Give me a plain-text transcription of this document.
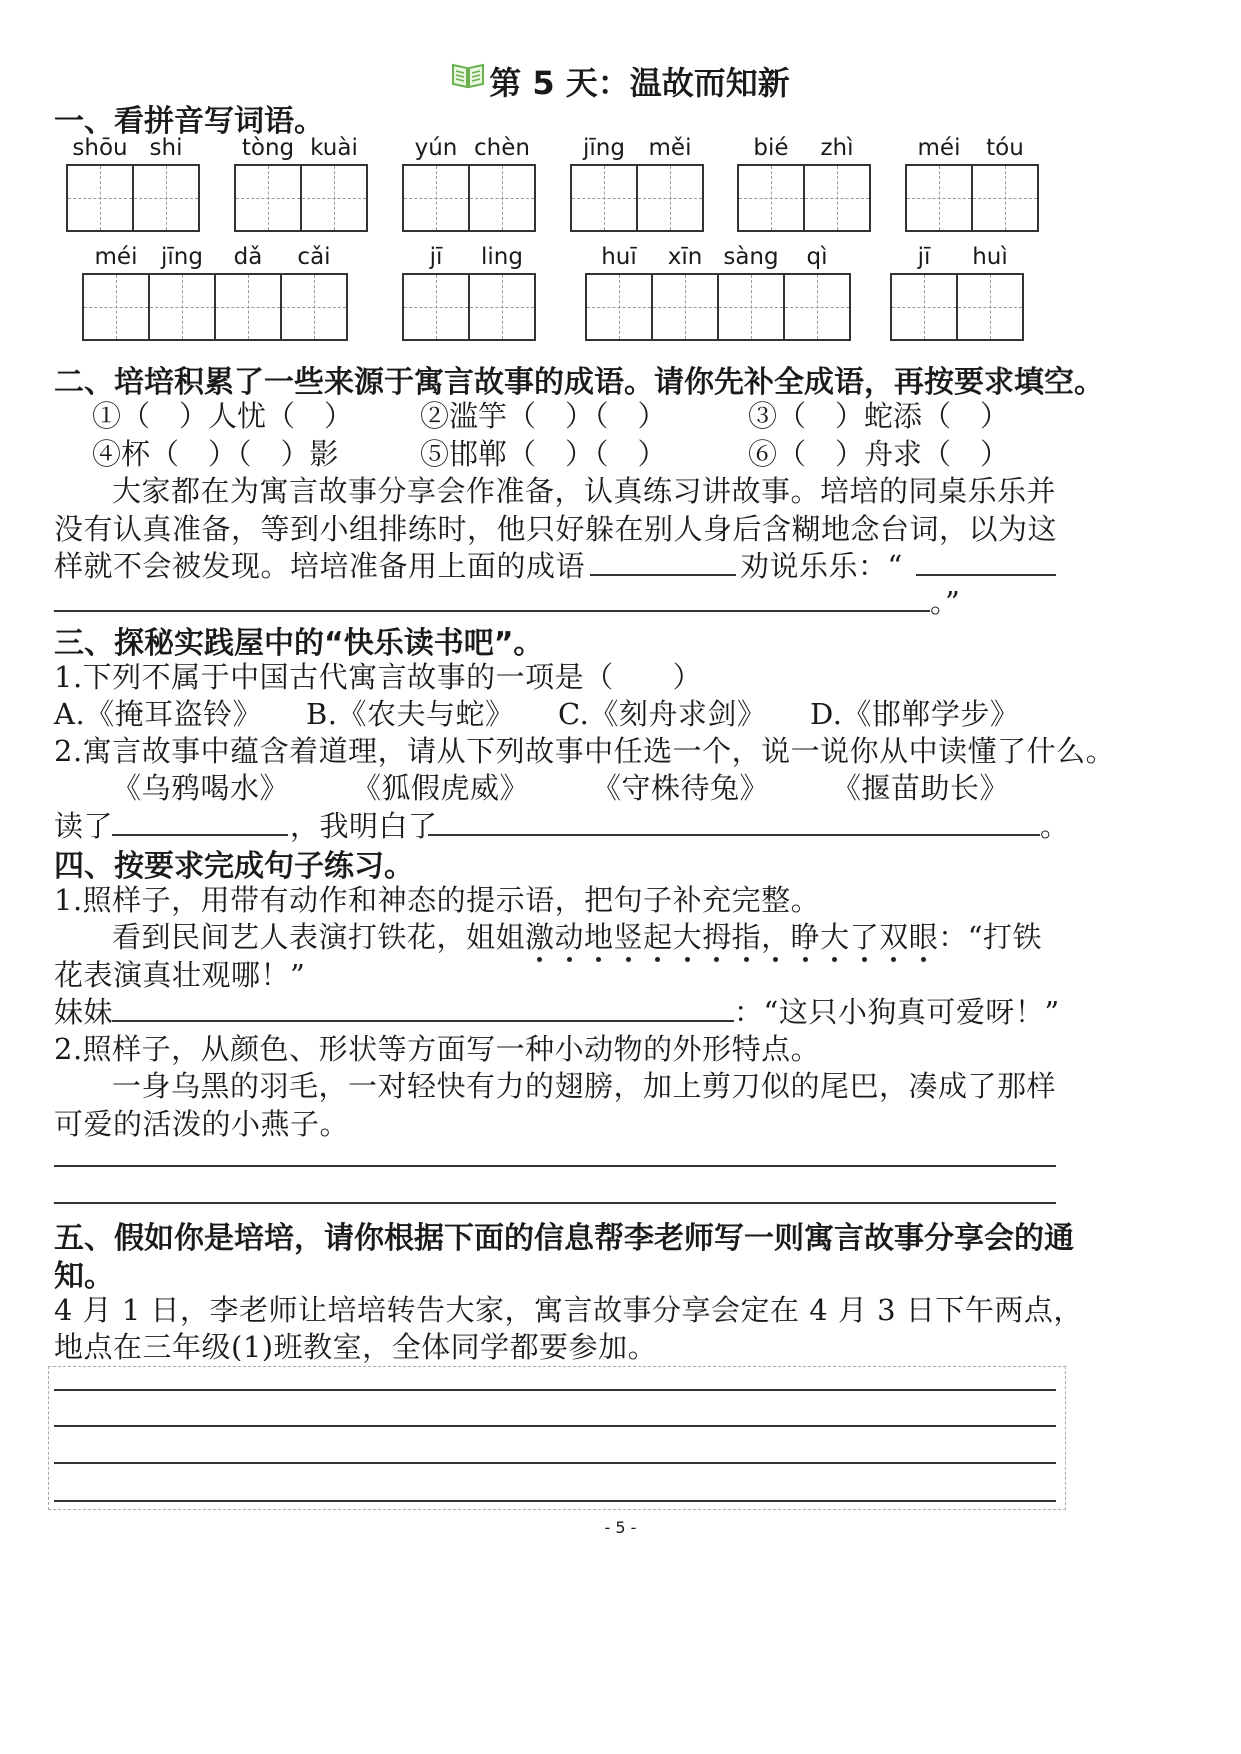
第 5 天：温故而知新
一、看拼音写词语。
shōu shi	tòng kuài	yún chèn	jīng	měi	bié	zhì	méi	tóu
méi	jīng	dǎ	cǎi	jī	ling	huī	xīn sàng	qì	jī	huì
二、培培积累了一些来源于寓言故事的成语。请你先补全成语，再按要求填空。
①（　）人忧（　） ②滥竽（　）（　）	③（　）蛇添（　）
④杯（　）（　）影	⑤邯郸（　）（　）	⑥（　）舟求（　）
大家都在为寓言故事分享会作准备，认真练习讲故事。培培的同桌乐乐并
没有认真准备，等到小组排练时，他只好躲在别人身后含糊地念台词，以为这
样就不会被发现。培培准备用上面的成语	劝说乐乐：“
。”
三、探秘实践屋中的“快乐读书吧”。
1.下列不属于中国古代寓言故事的一项是（　　）
A.《掩耳盗铃》 B.《农夫与蛇》 C.《刻舟求剑》 D.《邯郸学步》
2.寓言故事中蕴含着道理，请从下列故事中任选一个，说一说你从中读懂了什么。
《乌鸦喝水》 《狐假虎威》 《守株待兔》 《揠苗助长》
读了	，我明白了	。
四、按要求完成句子练习。
1.照样子，用带有动作和神态的提示语，把句子补充完整。
看到民间艺人表演打铁花，姐姐激动地竖起大拇指，睁大了双眼：“打铁
花表演真壮观哪！”
妹妹	：“这只小狗真可爱呀！”
2.照样子，从颜色、形状等方面写一种小动物的外形特点。
一身乌黑的羽毛，一对轻快有力的翅膀，加上剪刀似的尾巴，凑成了那样
可爱的活泼的小燕子。
五、假如你是培培，请你根据下面的信息帮李老师写一则寓言故事分享会的通
知。
4 月 1 日，李老师让培培转告大家，寓言故事分享会定在 4 月 3 日下午两点，
地点在三年级(1)班教室，全体同学都要参加。
- 5 -
